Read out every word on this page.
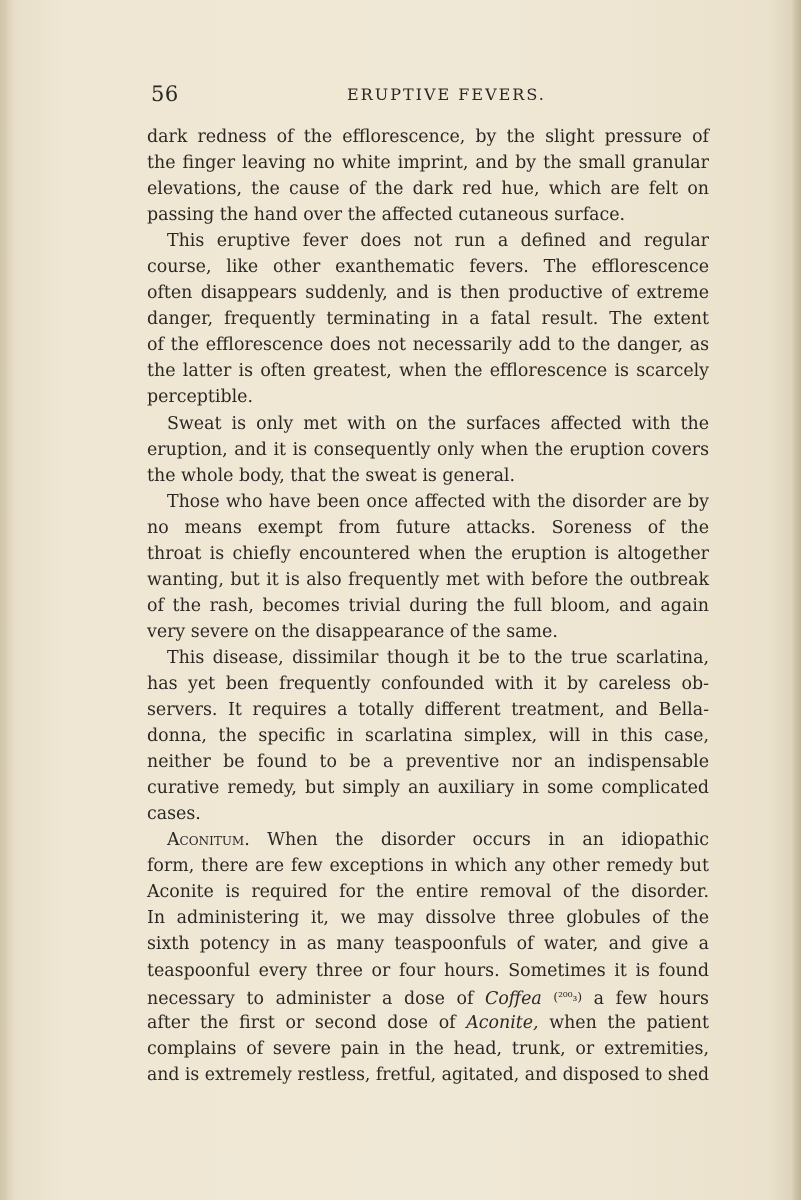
56	ERUPTIVE FEVERS.
dark redness of the efflorescence, by the slight pressure of
the finger leaving no white imprint, and by the small granular
elevations, the cause of the dark red hue, which are felt on
passing the hand over the affected cutaneous surface.
This eruptive fever does not run a defined and regular
course, like other exanthematic fevers. The efflorescence
often disappears suddenly, and is then productive of extreme
danger, frequently terminating in a fatal result. The extent
of the efflorescence does not necessarily add to the danger, as
the latter is often greatest, when the efflorescence is scarcely
perceptible.
Sweat is only met with on the surfaces affected with the
eruption, and it is consequently only when the eruption covers
the whole body, that the sweat is general.
Those who have been once affected with the disorder are by
no means exempt from future attacks. Soreness of the
throat is chiefly encountered when the eruption is altogether
wanting, but it is also frequently met with before the outbreak
of the rash, becomes trivial during the full bloom, and again
very severe on the disappearance of the same.
This disease, dissimilar though it be to the true scarlatina,
has yet been frequently confounded with it by careless ob-
servers. It requires a totally different treatment, and Bella-
donna, the specific in scarlatina simplex, will in this case,
neither be found to be a preventive nor an indispensable
curative remedy, but simply an auxiliary in some complicated
cases.
Aconitum. When the disorder occurs in an idiopathic
form, there are few exceptions in which any other remedy but
Aconite is required for the entire removal of the disorder.
In administering it, we may dissolve three globules of the
sixth potency in as many teaspoonfuls of water, and give a
teaspoonful every three or four hours. Sometimes it is found
necessary to administer a dose of Coffea (²⁰⁰₃) a few hours
after the first or second dose of Aconite, when the patient
complains of severe pain in the head, trunk, or extremities,
and is extremely restless, fretful, agitated, and disposed to shed
